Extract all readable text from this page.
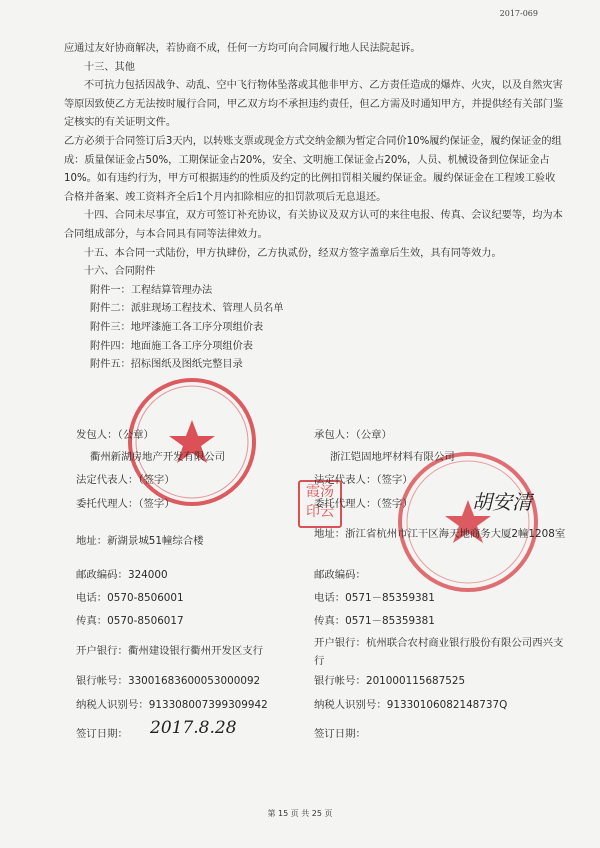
2017-069

应通过友好协商解决，若协商不成，任何一方均可向合同履行地人民法院起诉。

十三、其他

不可抗力包括因战争、动乱、空中飞行物体坠落或其他非甲方、乙方责任造成的爆炸、火灾，以及自然灾害等原因致使乙方无法按时履行合同，甲乙双方均不承担违约责任，但乙方需及时通知甲方，并提供经有关部门鉴定核实的有关证明文件。

乙方必须于合同签订后3天内，以转账支票或现金方式交纳金额为暂定合同价10%履约保证金，履约保证金的组成：质量保证金占50%，工期保证金占20%，安全、文明施工保证金占20%，人员、机械设备到位保证金占10%。如有违约行为，甲方可根据违约的性质及约定的比例扣罚相关履约保证金。履约保证金在工程竣工验收合格并备案、竣工资料齐全后1个月内扣除相应的扣罚款项后无息退还。

十四、合同未尽事宜，双方可签订补充协议，有关协议及双方认可的来往电报、传真、会议纪要等，均为本合同组成部分，与本合同具有同等法律效力。

十五、本合同一式陆份，甲方执肆份，乙方执贰份，经双方签字盖章后生效，具有同等效力。

十六、合同附件

附件一：工程结算管理办法

附件二：派驻现场工程技术、管理人员名单

附件三：地坪漆施工各工序分项组价表

附件四：地面施工各工序分项组价表

附件五：招标图纸及图纸完整目录

霞汤
印云
发包人：（公章）
衢州新湖房地产开发有限公司
法定代表人：（签字）
委托代理人：（签字）
地址：新湖景城51幢综合楼
邮政编码：324000
电话：0570-8506001
传真：0570-8506017
开户银行：衢州建设银行衢州开发区支行
银行帐号：33001683600053000092
纳税人识别号：913308007399309942
签订日期： 2017.8.28
承包人：（公章）
浙江铠固地坪材料有限公司
法定代表人：（签字）
委托代理人：（签字）	胡安清
地址：浙江省杭州市江干区海天地商务大厦2幢1208室
邮政编码：
电话：0571－85359381
传真：0571－85359381
开户银行：杭州联合农村商业银行股份有限公司西兴支行
银行帐号：201000115687525
纳税人识别号：91330106082148737Q
签订日期：
第 15 页 共 25 页
